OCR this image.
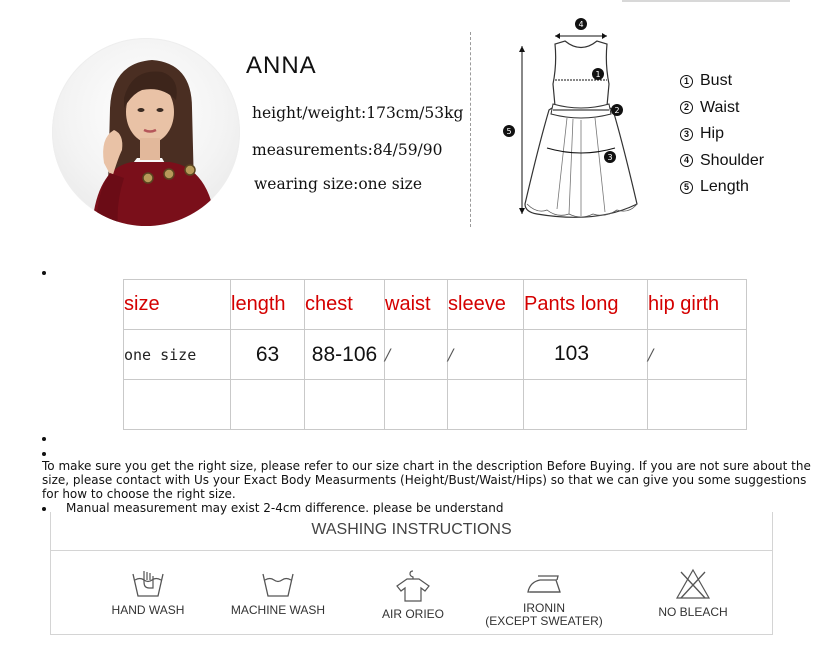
ANNA
height/weight:173cm/53kg
measurements:84/59/90
wearing size:one size
4
1
2
3
5
1 Bust
2 Waist
3 Hip
4 Shoulder
5 Length
size	length	chest	waist	sleeve	Pants long	hip girth
one size	63	88-106	/	/	103	/

To make sure you get the right size, please refer to our size chart in the description Before Buying. If you are not sure about the size, please contact with Us your Exact Body Measurments (Height/Bust/Waist/Hips) so that we can give you some suggestions for how to choose the right size.
Manual measurement may exist 2-4cm difference. please be understand
WASHING INSTRUCTIONS
HAND WASH	MACHINE WASH	AIR ORIEO	IRONIN
(EXCEPT SWEATER)
NO BLEACH
